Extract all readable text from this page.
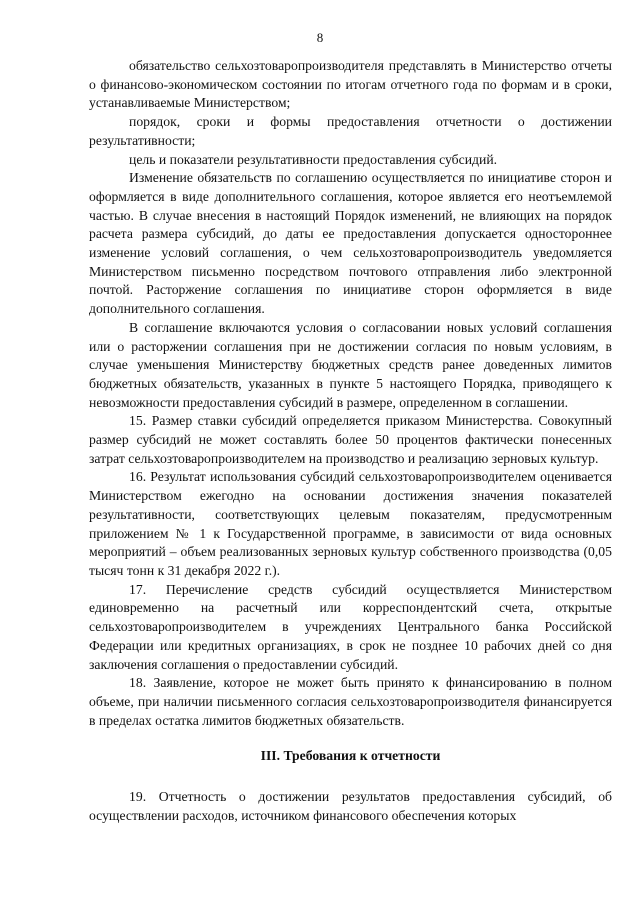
8

обязательство сельхозтоваропроизводителя представлять в Министерство отчеты о финансово-экономическом состоянии по итогам отчетного года по формам и в сроки, устанавливаемые Министерством;

порядок, сроки и формы предоставления отчетности о достижении результативности;

цель и показатели результативности предоставления субсидий.

Изменение обязательств по соглашению осуществляется по инициативе сторон и оформляется в виде дополнительного соглашения, которое является его неотъемлемой частью. В случае внесения в настоящий Порядок изменений, не влияющих на порядок расчета размера субсидий, до даты ее предоставления допускается одностороннее изменение условий соглашения, о чем сельхозтоваропроизводитель уведомляется Министерством письменно посредством почтового отправления либо электронной почтой. Расторжение соглашения по инициативе сторон оформляется в виде дополнительного соглашения.

В соглашение включаются условия о согласовании новых условий соглашения или о расторжении соглашения при не достижении согласия по новым условиям, в случае уменьшения Министерству бюджетных средств ранее доведенных лимитов бюджетных обязательств, указанных в пункте 5 настоящего Порядка, приводящего к невозможности предоставления субсидий в размере, определенном в соглашении.

15. Размер ставки субсидий определяется приказом Министерства. Совокупный размер субсидий не может составлять более 50 процентов фактически понесенных затрат сельхозтоваропроизводителем на производство и реализацию зерновых культур.

16. Результат использования субсидий сельхозтоваропроизводителем оценивается Министерством ежегодно на основании достижения значения показателей результативности, соответствующих целевым показателям, предусмотренным приложением № 1 к Государственной программе, в зависимости от вида основных мероприятий – объем реализованных зерновых культур собственного производства (0,05 тысяч тонн к 31 декабря 2022 г.).

17. Перечисление средств субсидий осуществляется Министерством единовременно на расчетный или корреспондентский счета, открытые сельхозтоваропроизводителем в учреждениях Центрального банка Российской Федерации или кредитных организациях, в срок не позднее 10 рабочих дней со дня заключения соглашения о предоставлении субсидий.

18. Заявление, которое не может быть принято к финансированию в полном объеме, при наличии письменного согласия сельхозтоваропроизводителя финансируется в пределах остатка лимитов бюджетных обязательств.

III. Требования к отчетности

19. Отчетность о достижении результатов предоставления субсидий, об осуществлении расходов, источником финансового обеспечения которых
